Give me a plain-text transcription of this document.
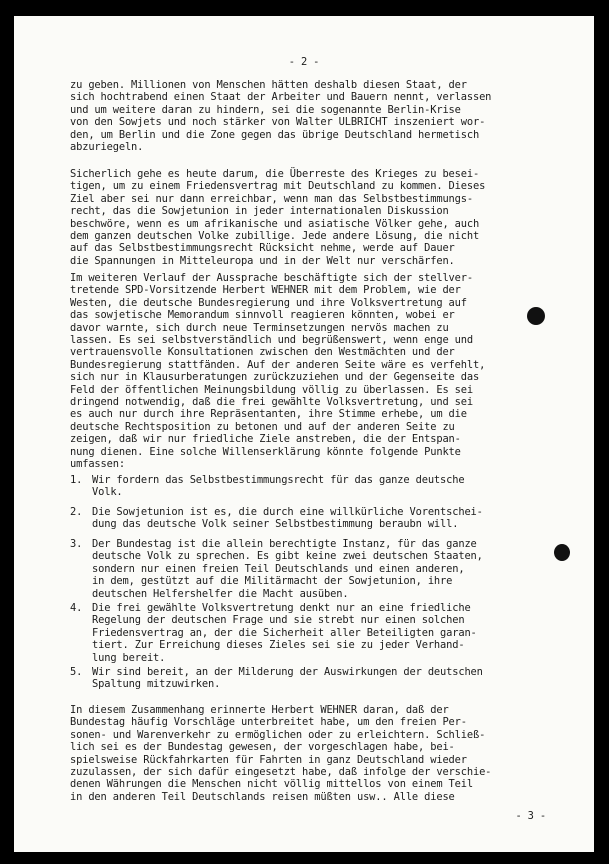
- 2 -
zu geben. Millionen von Menschen hätten deshalb diesen Staat, der
sich hochtrabend einen Staat der Arbeiter und Bauern nennt, verlassen
und um weitere daran zu hindern, sei die sogenannte Berlin-Krise
von den Sowjets und noch stärker von Walter ULBRICHT inszeniert wor-
den, um Berlin und die Zone gegen das übrige Deutschland hermetisch
abzuriegeln.
Sicherlich gehe es heute darum, die Überreste des Krieges zu besei-
tigen, um zu einem Friedensvertrag mit Deutschland zu kommen. Dieses
Ziel aber sei nur dann erreichbar, wenn man das Selbstbestimmungs-
recht, das die Sowjetunion in jeder internationalen Diskussion
beschwöre, wenn es um afrikanische und asiatische Völker gehe, auch
dem ganzen deutschen Volke zubillige. Jede andere Lösung, die nicht
auf das Selbstbestimmungsrecht Rücksicht nehme, werde auf Dauer
die Spannungen in Mitteleuropa und in der Welt nur verschärfen.
Im weiteren Verlauf der Aussprache beschäftigte sich der stellver-
tretende SPD-Vorsitzende Herbert WEHNER mit dem Problem, wie der
Westen, die deutsche Bundesregierung und ihre Volksvertretung auf
das sowjetische Memorandum sinnvoll reagieren könnten, wobei er
davor warnte, sich durch neue Terminsetzungen nervös machen zu
lassen. Es sei selbstverständlich und begrüßenswert, wenn enge und
vertrauensvolle Konsultationen zwischen den Westmächten und der
Bundesregierung stattfänden. Auf der anderen Seite wäre es verfehlt,
sich nur in Klausurberatungen zurückzuziehen und der Gegenseite das
Feld der öffentlichen Meinungsbildung völlig zu überlassen. Es sei
dringend notwendig, daß die frei gewählte Volksvertretung, und sei
es auch nur durch ihre Repräsentanten, ihre Stimme erhebe, um die
deutsche Rechtsposition zu betonen und auf der anderen Seite zu
zeigen, daß wir nur friedliche Ziele anstreben, die der Entspan-
nung dienen. Eine solche Willenserklärung könnte folgende Punkte
umfassen:
1. Wir fordern das Selbstbestimmungsrecht für das ganze deutsche
Volk.
2. Die Sowjetunion ist es, die durch eine willkürliche Vorentschei-
dung das deutsche Volk seiner Selbstbestimmung beraubn will.
3. Der Bundestag ist die allein berechtigte Instanz, für das ganze
deutsche Volk zu sprechen. Es gibt keine zwei deutschen Staaten,
sondern nur einen freien Teil Deutschlands und einen anderen,
in dem, gestützt auf die Militärmacht der Sowjetunion, ihre
deutschen Helfershelfer die Macht ausüben.
4. Die frei gewählte Volksvertretung denkt nur an eine friedliche
Regelung der deutschen Frage und sie strebt nur einen solchen
Friedensvertrag an, der die Sicherheit aller Beteiligten garan-
tiert. Zur Erreichung dieses Zieles sei sie zu jeder Verhand-
lung bereit.
5. Wir sind bereit, an der Milderung der Auswirkungen der deutschen
Spaltung mitzuwirken.
In diesem Zusammenhang erinnerte Herbert WEHNER daran, daß der
Bundestag häufig Vorschläge unterbreitet habe, um den freien Per-
sonen- und Warenverkehr zu ermöglichen oder zu erleichtern. Schließ-
lich sei es der Bundestag gewesen, der vorgeschlagen habe, bei-
spielsweise Rückfahrkarten für Fahrten in ganz Deutschland wieder
zuzulassen, der sich dafür eingesetzt habe, daß infolge der verschie-
denen Währungen die Menschen nicht völlig mittellos von einem Teil
in den anderen Teil Deutschlands reisen müßten usw.. Alle diese
- 3 -
